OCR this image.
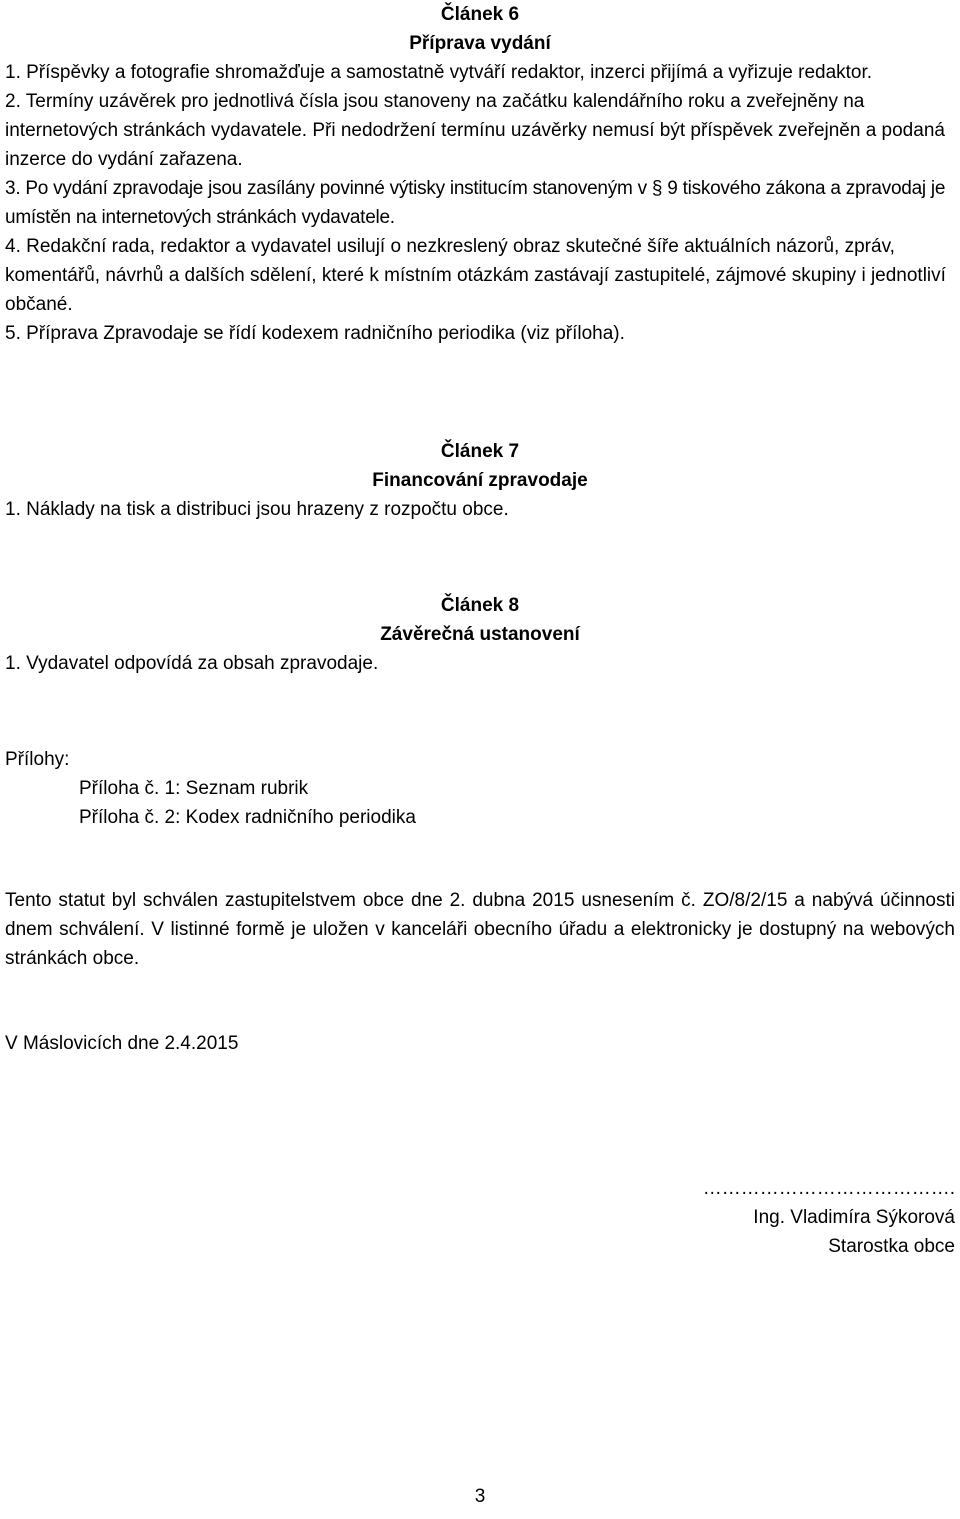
Článek 6
Příprava vydání

1. Příspěvky a fotografie shromažďuje a samostatně vytváří redaktor, inzerci přijímá a vyřizuje redaktor.

2. Termíny uzávěrek pro jednotlivá čísla jsou stanoveny na začátku kalendářního roku a zveřejněny na internetových stránkách vydavatele. Při nedodržení termínu uzávěrky nemusí být příspěvek zveřejněn a podaná inzerce do vydání zařazena.

3. Po vydání zpravodaje jsou zasílány povinné výtisky institucím stanoveným v § 9 tiskového zákona a zpravodaj je umístěn na internetových stránkách vydavatele.

4. Redakční rada, redaktor a vydavatel usilují o nezkreslený obraz skutečné šíře aktuálních názorů, zpráv, komentářů, návrhů a dalších sdělení, které k místním otázkám zastávají zastupitelé, zájmové skupiny i jednotliví občané.

5. Příprava Zpravodaje se řídí kodexem radničního periodika (viz příloha).

Článek 7
Financování zpravodaje

1. Náklady na tisk a distribuci jsou hrazeny z rozpočtu obce.

Článek 8
Závěrečná ustanovení

1. Vydavatel odpovídá za obsah zpravodaje.

Přílohy:

Příloha č. 1: Seznam rubrik

Příloha č. 2: Kodex radničního periodika

Tento statut byl schválen zastupitelstvem obce dne 2. dubna 2015 usnesením č. ZO/8/2/15 a nabývá účinnosti dnem schválení. V listinné formě je uložen v kanceláři obecního úřadu a elektronicky je dostupný na webových stránkách obce.

V Máslovicích dne 2.4.2015

………………………………….

Ing. Vladimíra Sýkorová

Starostka obce

3
